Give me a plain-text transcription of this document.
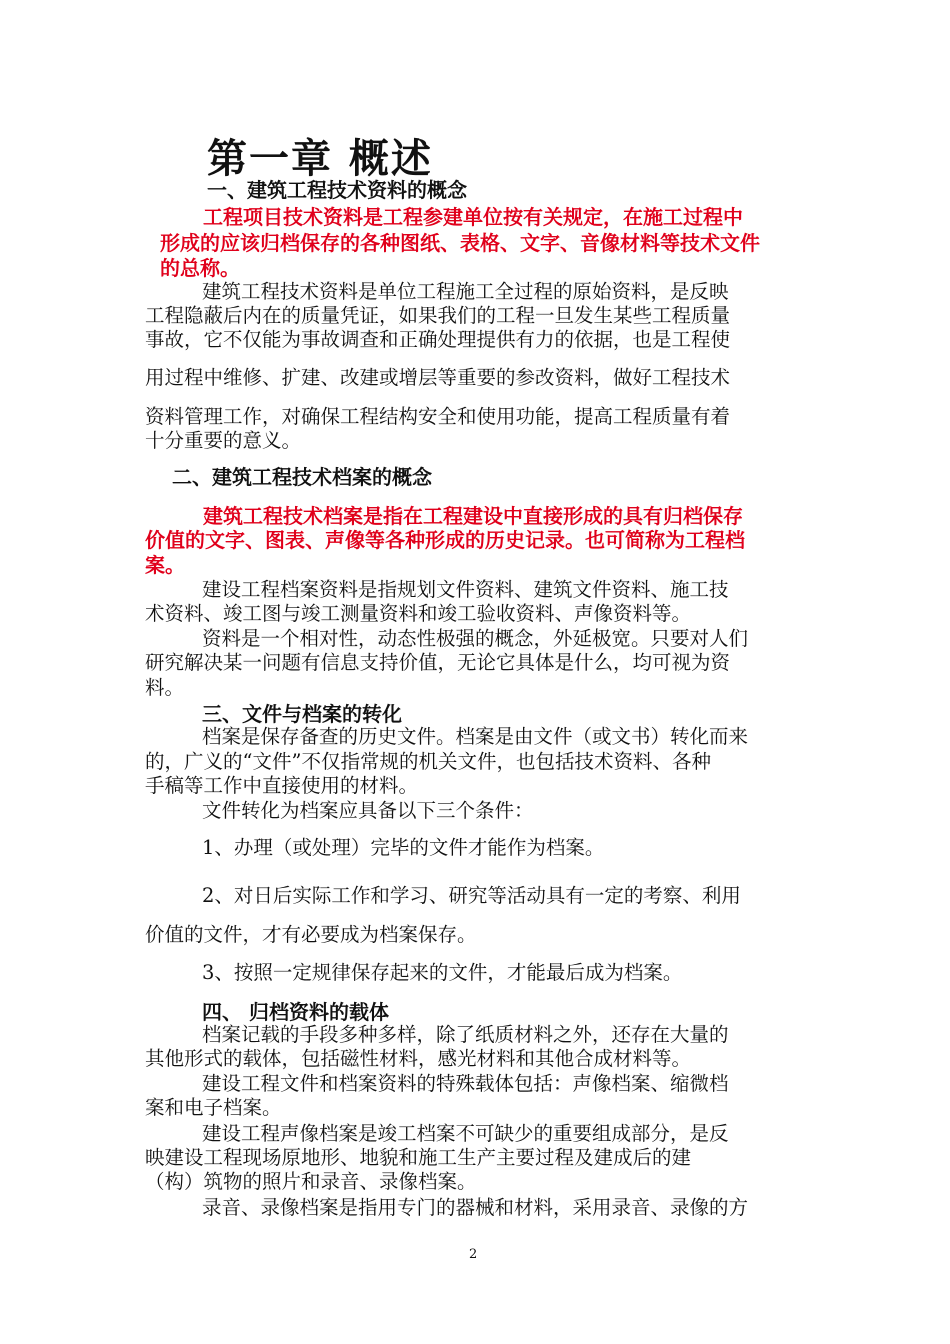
第一章 概述
一、建筑工程技术资料的概念
工程项目技术资料是工程参建单位按有关规定，在施工过程中
形成的应该归档保存的各种图纸、表格、文字、音像材料等技术文件
的总称。
建筑工程技术资料是单位工程施工全过程的原始资料，是反映
工程隐蔽后内在的质量凭证，如果我们的工程一旦发生某些工程质量
事故，它不仅能为事故调查和正确处理提供有力的依据，也是工程使
用过程中维修、扩建、改建或增层等重要的参改资料，做好工程技术
资料管理工作，对确保工程结构安全和使用功能，提高工程质量有着
十分重要的意义。
二、建筑工程技术档案的概念
建筑工程技术档案是指在工程建设中直接形成的具有归档保存
价值的文字、图表、声像等各种形成的历史记录。也可简称为工程档
案。
建设工程档案资料是指规划文件资料、建筑文件资料、施工技
术资料、竣工图与竣工测量资料和竣工验收资料、声像资料等。
资料是一个相对性，动态性极强的概念，外延极宽。只要对人们
研究解决某一问题有信息支持价值，无论它具体是什么，均可视为资
料。
三、文件与档案的转化
档案是保存备查的历史文件。档案是由文件（或文书）转化而来
的，广义的“文件”不仅指常规的机关文件，也包括技术资料、各种
手稿等工作中直接使用的材料。
文件转化为档案应具备以下三个条件：
1、办理（或处理）完毕的文件才能作为档案。
2、对日后实际工作和学习、研究等活动具有一定的考察、利用
价值的文件，才有必要成为档案保存。
3、按照一定规律保存起来的文件，才能最后成为档案。
四、 归档资料的载体
档案记载的手段多种多样，除了纸质材料之外，还存在大量的
其他形式的载体，包括磁性材料，感光材料和其他合成材料等。
建设工程文件和档案资料的特殊载体包括：声像档案、缩微档
案和电子档案。
建设工程声像档案是竣工档案不可缺少的重要组成部分，是反
映建设工程现场原地形、地貌和施工生产主要过程及建成后的建
（构）筑物的照片和录音、录像档案。
录音、录像档案是指用专门的器械和材料，采用录音、录像的方
2
